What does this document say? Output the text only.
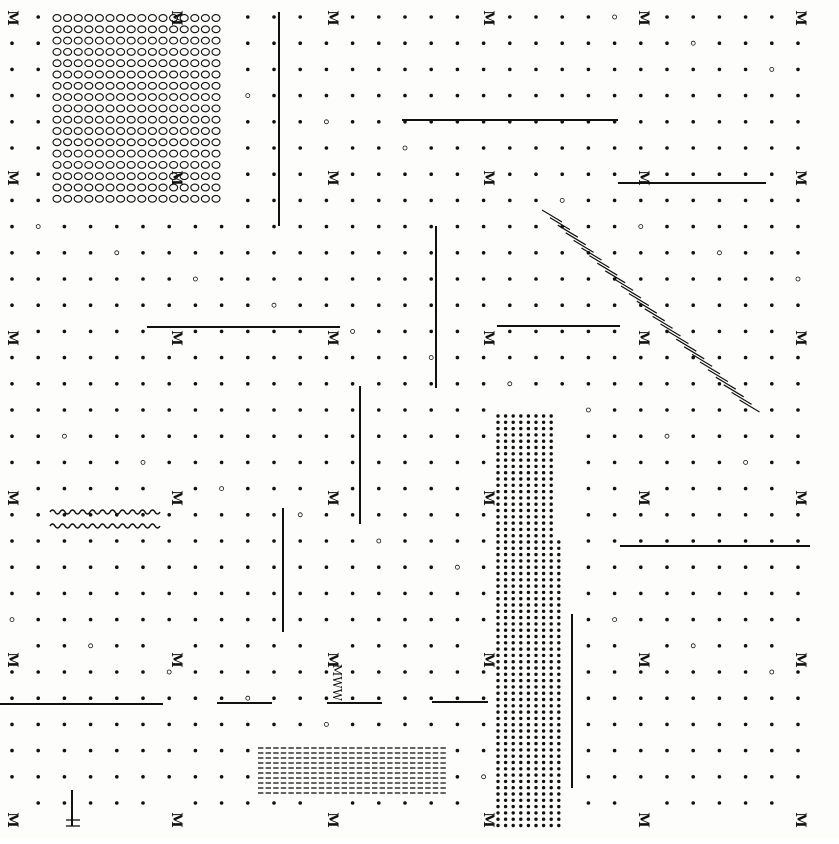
M	M	M	M	M	M
M	M	M	M	M	M
M	M	M	M	M	M
M	M	M	M	M	M
M	M	M	M	M	M
M	M	M	M	M	M
MWW
